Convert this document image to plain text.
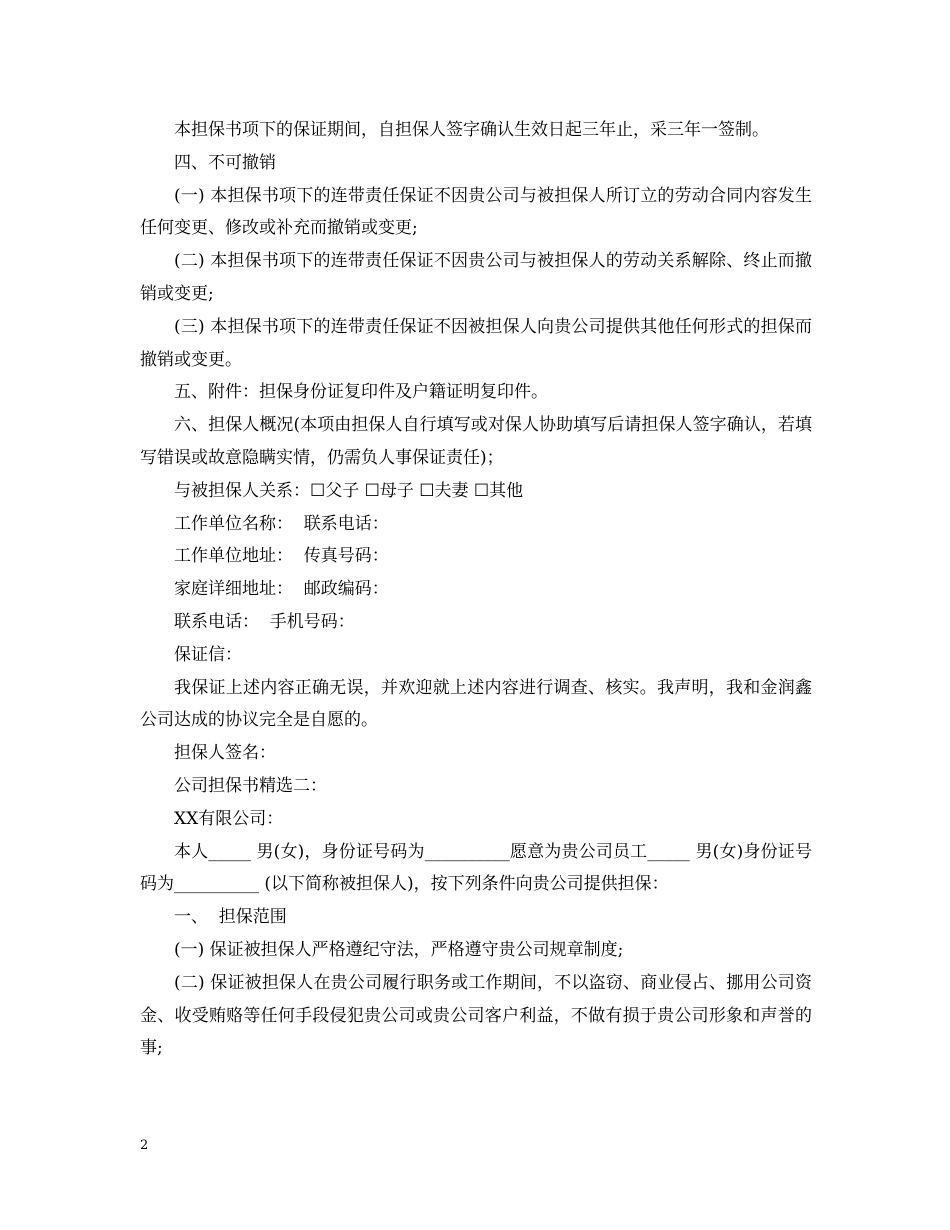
本担保书项下的保证期间，自担保人签字确认生效日起三年止，采三年一签制。

四、不可撤销

(一) 本担保书项下的连带责任保证不因贵公司与被担保人所订立的劳动合同内容发生任何变更、修改或补充而撤销或变更;

(二) 本担保书项下的连带责任保证不因贵公司与被担保人的劳动关系解除、终止而撤销或变更;

(三) 本担保书项下的连带责任保证不因被担保人向贵公司提供其他任何形式的担保而撤销或变更。

五、附件：担保身份证复印件及户籍证明复印件。

六、担保人概况(本项由担保人自行填写或对保人协助填写后请担保人签字确认，若填写错误或故意隐瞒实情，仍需负人事保证责任)；

与被担保人关系：☐父子 ☐母子 ☐夫妻 ☐其他

工作单位名称：  联系电话：

工作单位地址：  传真号码：

家庭详细地址：  邮政编码：

联系电话：  手机号码：

保证信：

我保证上述内容正确无误，并欢迎就上述内容进行调查、核实。我声明，我和金润鑫公司达成的协议完全是自愿的。

担保人签名：

公司担保书精选二：

XX有限公司：

本人_____ 男(女)，身份证号码为__________愿意为贵公司员工_____ 男(女)身份证号码为__________ (以下简称被担保人)，按下列条件向贵公司提供担保：

一、  担保范围

(一) 保证被担保人严格遵纪守法，严格遵守贵公司规章制度;

(二) 保证被担保人在贵公司履行职务或工作期间，不以盗窃、商业侵占、挪用公司资金、收受贿赂等任何手段侵犯贵公司或贵公司客户利益，不做有损于贵公司形象和声誉的事;

2
